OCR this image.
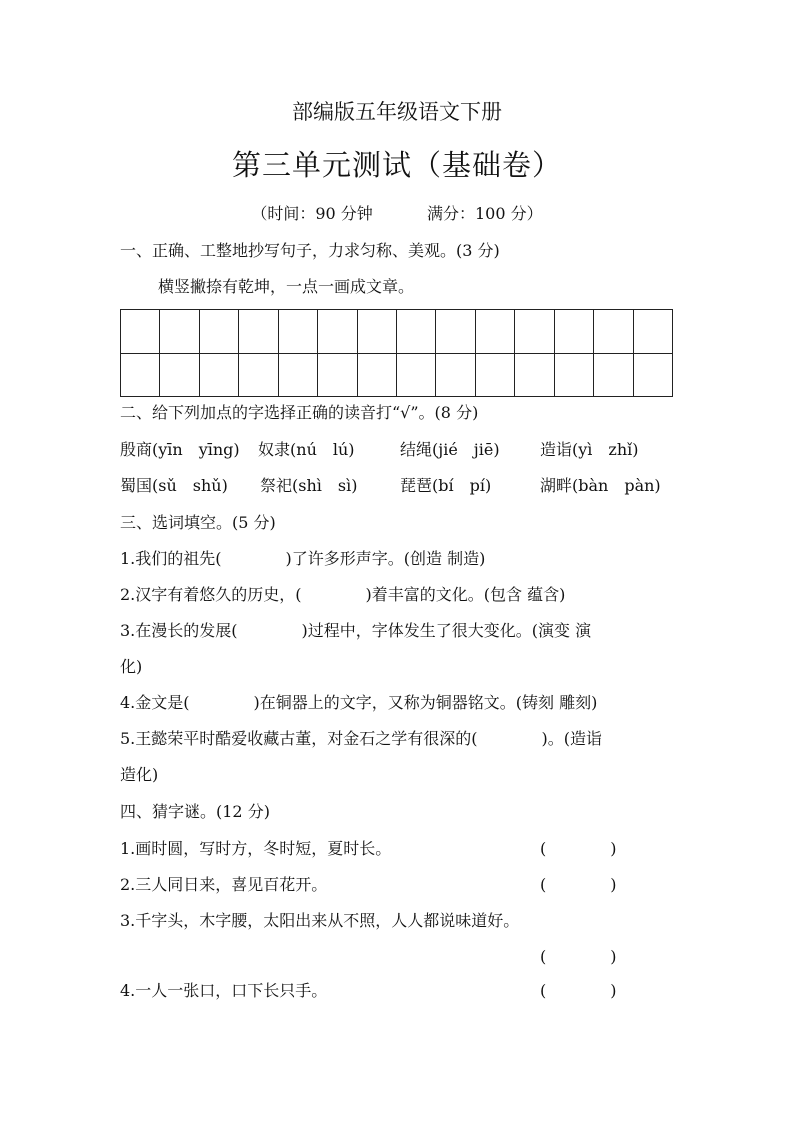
部编版五年级语文下册
第三单元测试（基础卷）
（时间：90 分钟	满分：100 分）
一、正确、工整地抄写句子，力求匀称、美观。(3 分)
横竖撇捺有乾坤，一点一画成文章。
二、给下列加点的字选择正确的读音打“√”。(8 分)
殷商(yīn　yīng) 奴隶(nú　lú)	结绳(jié　jiē)	造诣(yì　zhǐ)
蜀国(sǔ　shǔ) 祭祀(shì　sì)	琵琶(bí　pí)	湖畔(bàn　pàn)
三、选词填空。(5 分)
1.我们的祖先(　　　　)了许多形声字。(创造 制造)
2.汉字有着悠久的历史，(　　　　)着丰富的文化。(包含 蕴含)
3.在漫长的发展(　　　　)过程中，字体发生了很大变化。(演变 演
化)
4.金文是(　　　　)在铜器上的文字，又称为铜器铭文。(铸刻 雕刻)
5.王懿荣平时酷爱收藏古董，对金石之学有很深的(　　　　)。(造诣
造化)
四、猜字谜。(12 分)
1.画时圆，写时方，冬时短，夏时长。	(　　　　)
2.三人同日来，喜见百花开。	(　　　　)
3.千字头，木字腰，太阳出来从不照，人人都说味道好。
(　　　　)
4.一人一张口，口下长只手。	(　　　　)
